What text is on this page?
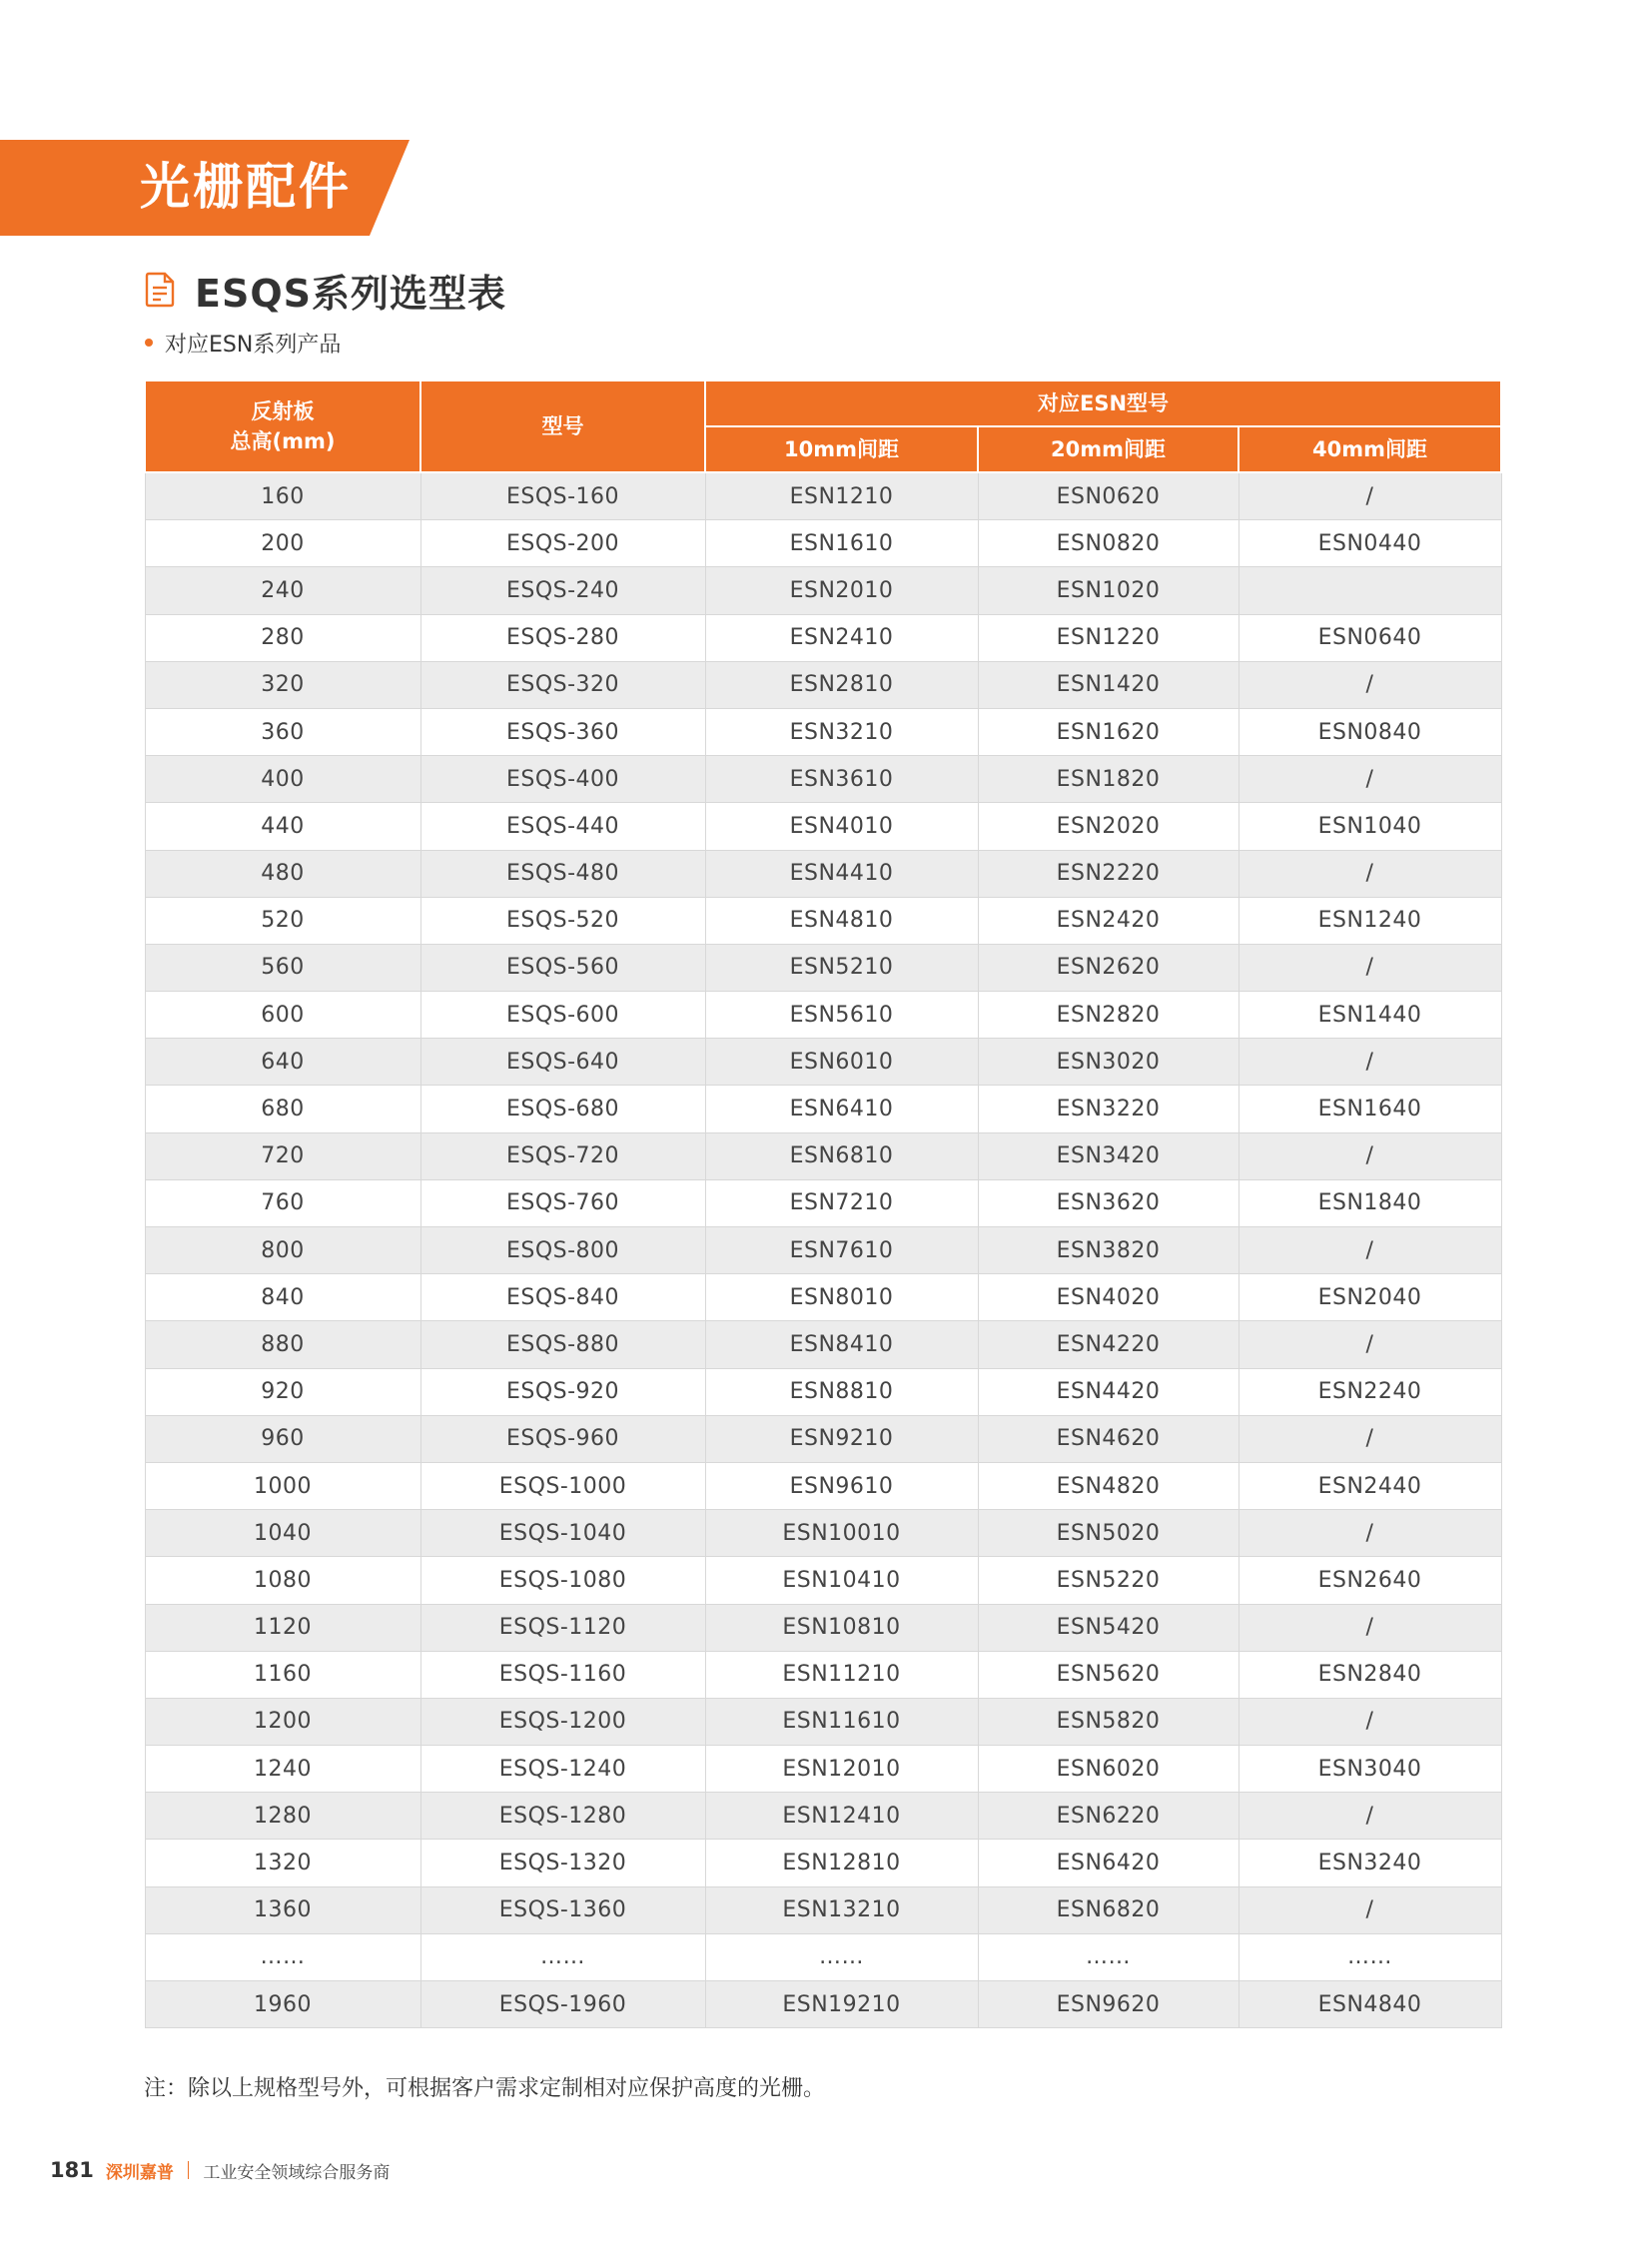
光栅配件
ESQS系列选型表
对应ESN系列产品
反射板
总高(mm)	型号	对应ESN型号		
		10mm间距	20mm间距	40mm间距
160	ESQS-160	ESN1210	ESN0620	/
200	ESQS-200	ESN1610	ESN0820	ESN0440
240	ESQS-240	ESN2010	ESN1020	
280	ESQS-280	ESN2410	ESN1220	ESN0640
320	ESQS-320	ESN2810	ESN1420	/
360	ESQS-360	ESN3210	ESN1620	ESN0840
400	ESQS-400	ESN3610	ESN1820	/
440	ESQS-440	ESN4010	ESN2020	ESN1040
480	ESQS-480	ESN4410	ESN2220	/
520	ESQS-520	ESN4810	ESN2420	ESN1240
560	ESQS-560	ESN5210	ESN2620	/
600	ESQS-600	ESN5610	ESN2820	ESN1440
640	ESQS-640	ESN6010	ESN3020	/
680	ESQS-680	ESN6410	ESN3220	ESN1640
720	ESQS-720	ESN6810	ESN3420	/
760	ESQS-760	ESN7210	ESN3620	ESN1840
800	ESQS-800	ESN7610	ESN3820	/
840	ESQS-840	ESN8010	ESN4020	ESN2040
880	ESQS-880	ESN8410	ESN4220	/
920	ESQS-920	ESN8810	ESN4420	ESN2240
960	ESQS-960	ESN9210	ESN4620	/
1000	ESQS-1000	ESN9610	ESN4820	ESN2440
1040	ESQS-1040	ESN10010	ESN5020	/
1080	ESQS-1080	ESN10410	ESN5220	ESN2640
1120	ESQS-1120	ESN10810	ESN5420	/
1160	ESQS-1160	ESN11210	ESN5620	ESN2840
1200	ESQS-1200	ESN11610	ESN5820	/
1240	ESQS-1240	ESN12010	ESN6020	ESN3040
1280	ESQS-1280	ESN12410	ESN6220	/
1320	ESQS-1320	ESN12810	ESN6420	ESN3240
1360	ESQS-1360	ESN13210	ESN6820	/
……	……	……	……	……
1960	ESQS-1960	ESN19210	ESN9620	ESN4840
注：除以上规格型号外，可根据客户需求定制相对应保护高度的光栅。
181 深圳嘉普 工业安全领域综合服务商
